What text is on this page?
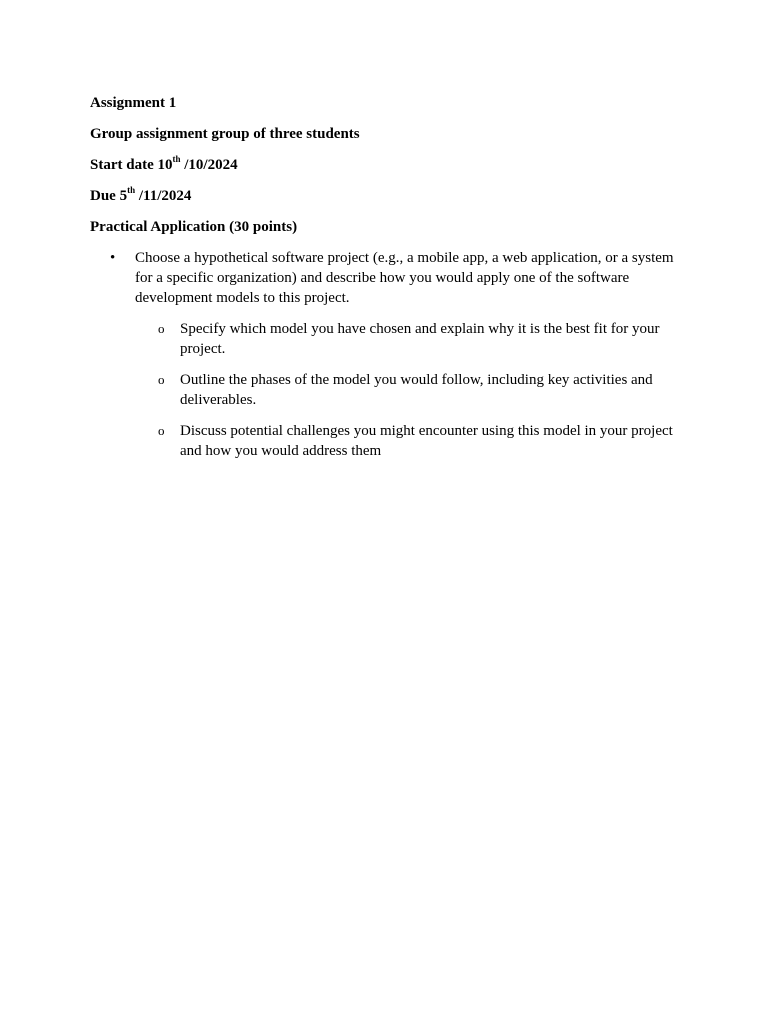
Assignment 1

Group assignment group of three students

Start date 10th /10/2024

Due 5th /11/2024

Practical Application (30 points)

• Choose a hypothetical software project (e.g., a mobile app, a web application, or a system for a specific organization) and describe how you would apply one of the software development models to this project.
o Specify which model you have chosen and explain why it is the best fit for your project.
o Outline the phases of the model you would follow, including key activities and deliverables.
o Discuss potential challenges you might encounter using this model in your project and how you would address them
